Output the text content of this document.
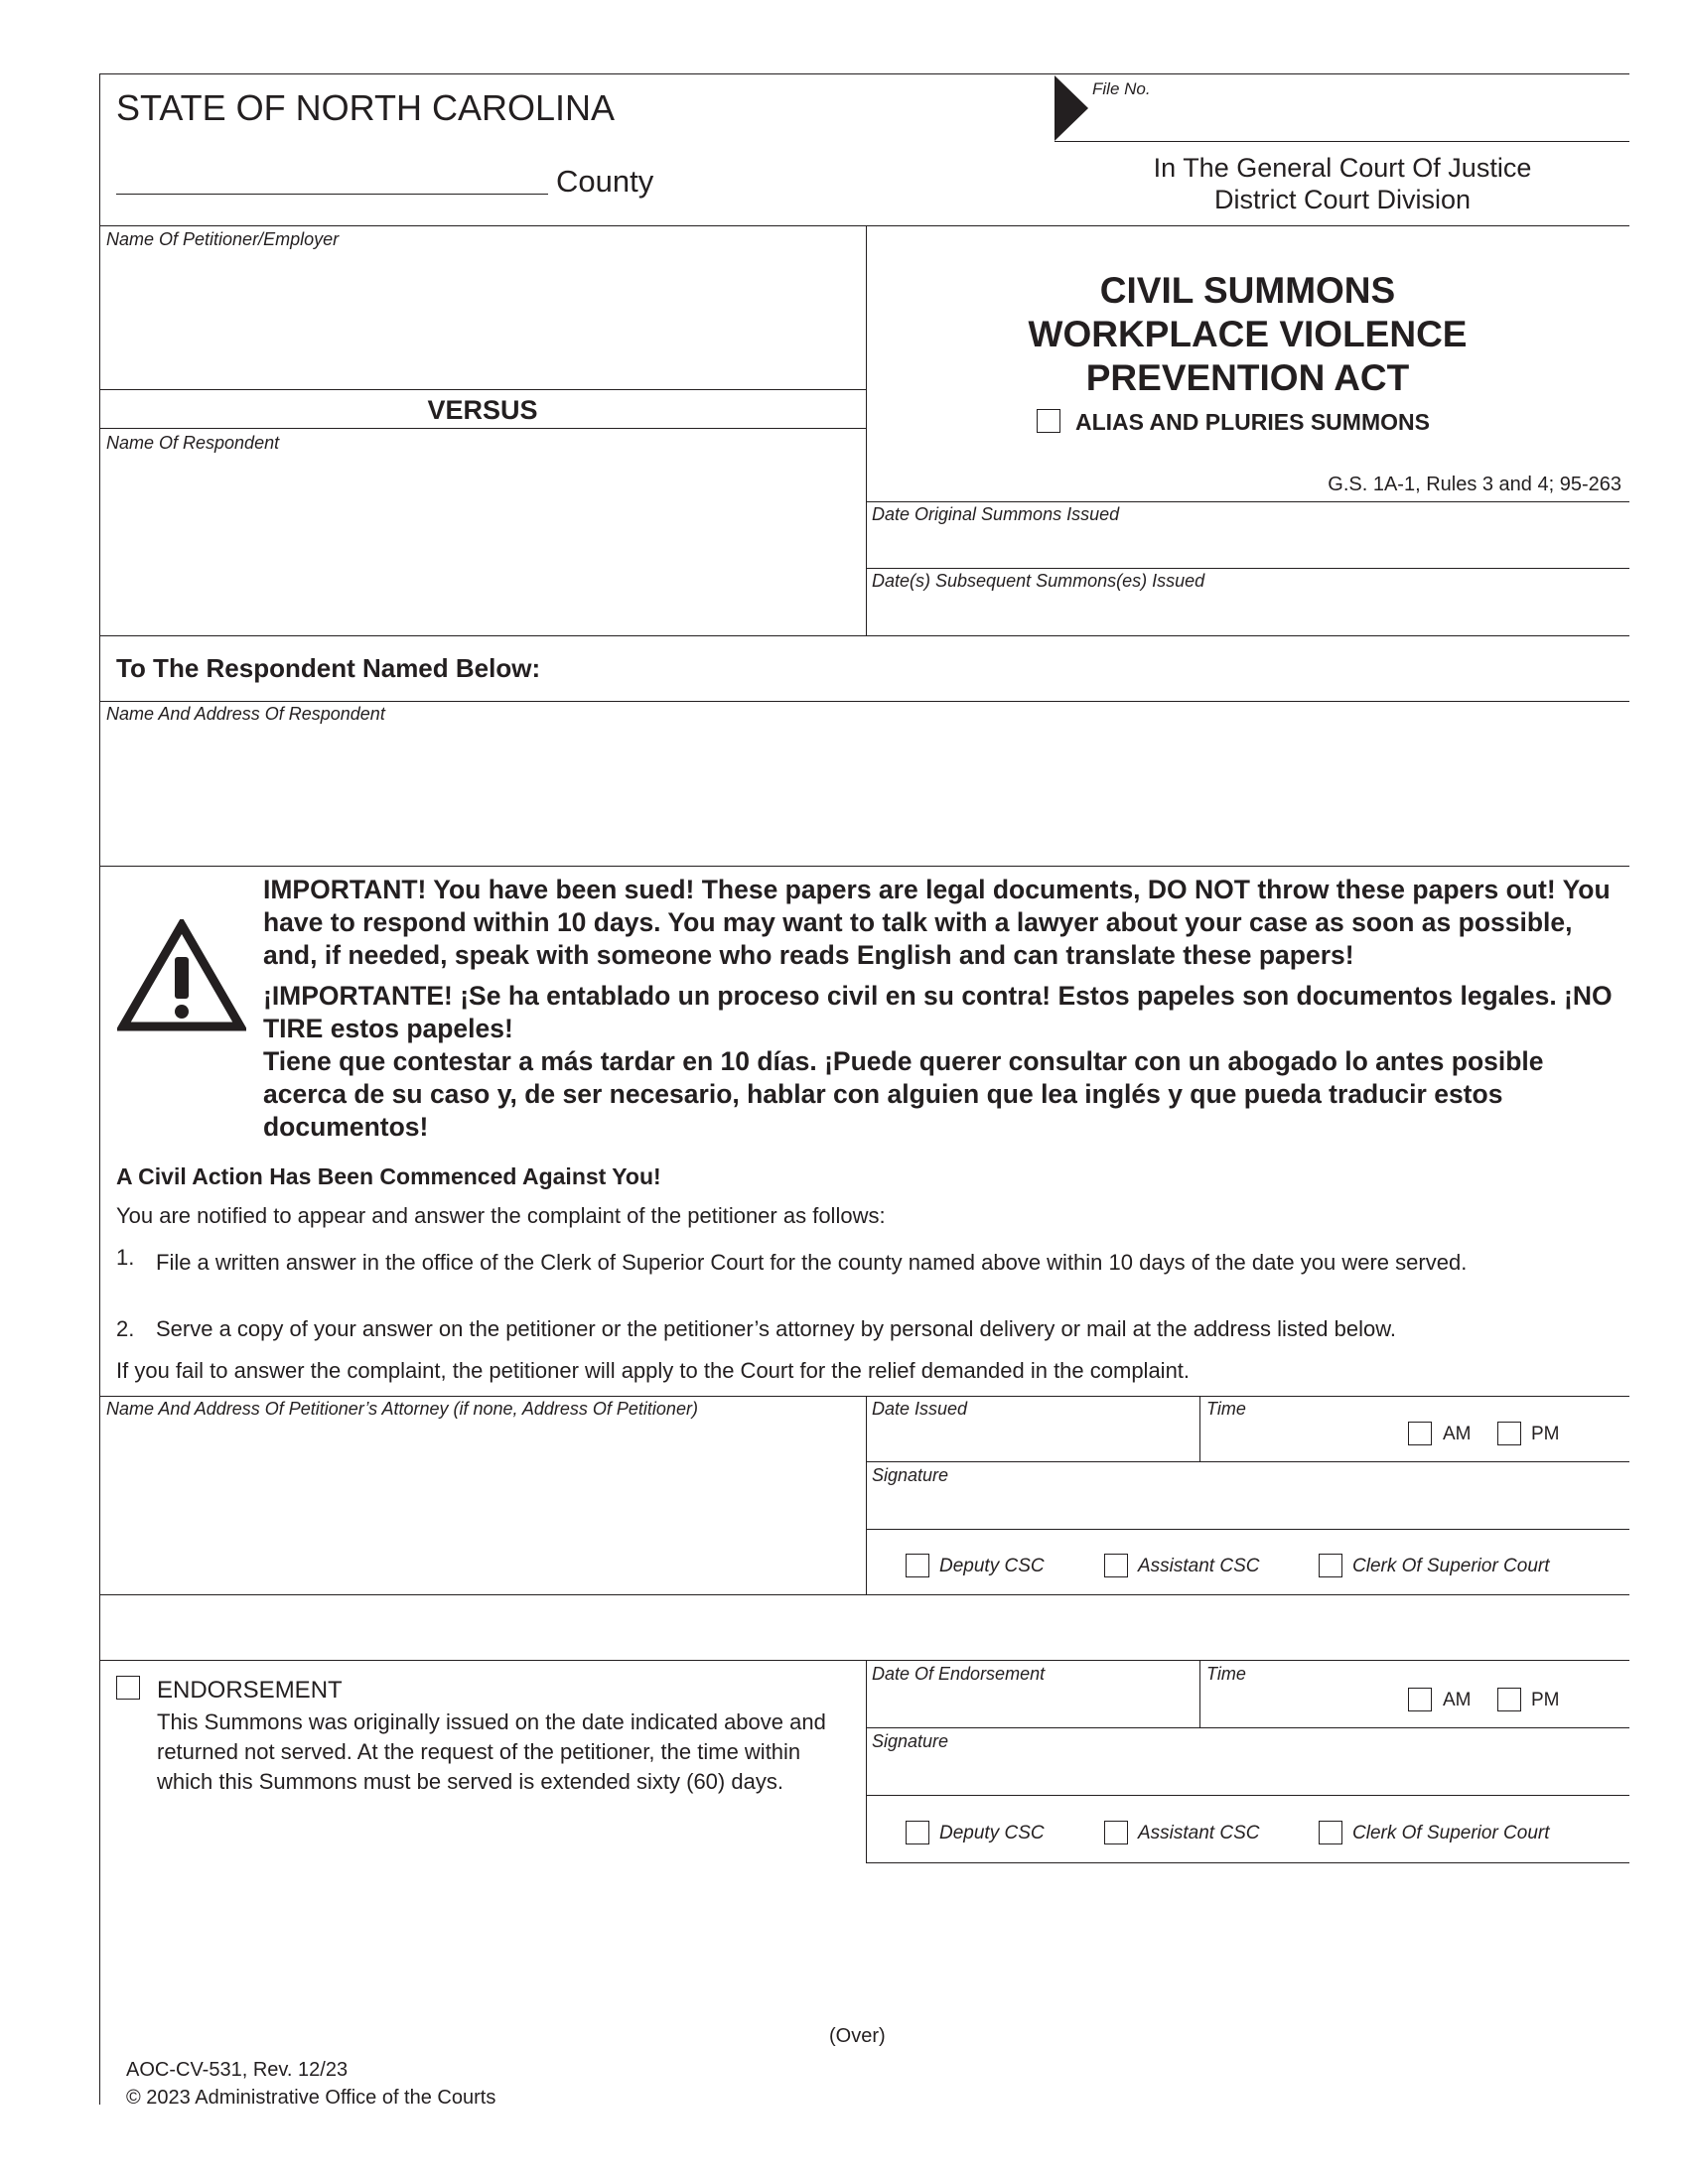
STATE OF NORTH CAROLINA
County
File No.
In The General Court Of Justice
District Court Division
Name Of Petitioner/Employer
VERSUS
Name Of Respondent
CIVIL SUMMONS
WORKPLACE VIOLENCE
PREVENTION ACT
ALIAS AND PLURIES SUMMONS
G.S. 1A-1, Rules 3 and 4; 95-263
Date Original Summons Issued
Date(s) Subsequent Summons(es) Issued
To The Respondent Named Below:
Name And Address Of Respondent

IMPORTANT! You have been sued! These papers are legal documents, DO NOT throw these papers out! You have to respond within 10 days. You may want to talk with a lawyer about your case as soon as possible, and, if needed, speak with someone who reads English and can translate these papers!

¡IMPORTANTE! ¡Se ha entablado un proceso civil en su contra! Estos papeles son documentos legales. ¡NO TIRE estos papeles!

Tiene que contestar a más tardar en 10 días. ¡Puede querer consultar con un abogado lo antes posible acerca de su caso y, de ser necesario, hablar con alguien que lea inglés y que pueda traducir estos documentos!

A Civil Action Has Been Commenced Against You!
You are notified to appear and answer the complaint of the petitioner as follows:
1. File a written answer in the office of the Clerk of Superior Court for the county named above within 10 days of the date you were served.
2. Serve a copy of your answer on the petitioner or the petitioner’s attorney by personal delivery or mail at the address listed below.
If you fail to answer the complaint, the petitioner will apply to the Court for the relief demanded in the complaint.
Name And Address Of Petitioner’s Attorney (if none, Address Of Petitioner)	Date Issued	Time
AM	PM
Signature
Deputy CSC	Assistant CSC	Clerk Of Superior Court
ENDORSEMENT
This Summons was originally issued on the date indicated above and returned not served. At the request of the petitioner, the time within which this Summons must be served is extended sixty (60) days.
Date Of Endorsement	Time
AM	PM
Signature
Deputy CSC	Assistant CSC	Clerk Of Superior Court
(Over)
AOC-CV-531, Rev. 12/23
© 2023 Administrative Office of the Courts
